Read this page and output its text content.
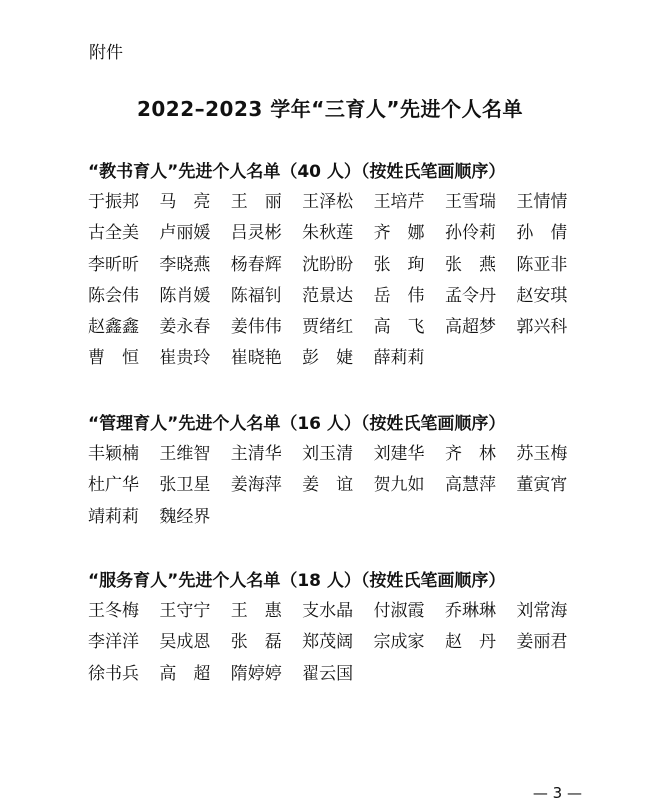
附件
2022–2023 学年“三育人”先进个人名单
“教书育人”先进个人名单（40 人）（按姓氏笔画顺序）
于振邦	马亮 王丽 王泽松	王培芹	王雪瑞	王情情
古全美	卢丽媛	吕灵彬	朱秋莲	齐娜 孙伶莉	孙倩
李昕昕	李晓燕	杨春辉	沈盼盼	张珣 张燕 陈亚非
陈会伟	陈肖媛	陈福钊	范景达	岳伟 孟令丹	赵安琪
赵鑫鑫	姜永春	姜伟伟	贾绪红	高飞 高超梦	郭兴科
曹恒 崔贵玲	崔晓艳	彭婕 薛莉莉
“管理育人”先进个人名单（16 人）（按姓氏笔画顺序）
丰颖楠	王维智	主清华	刘玉清	刘建华	齐林 苏玉梅
杜广华	张卫星	姜海萍	姜谊 贺九如	高慧萍	董寅宵
靖莉莉	魏经界
“服务育人”先进个人名单（18 人）（按姓氏笔画顺序）
王冬梅	王守宁	王惠 支水晶	付淑霞	乔琳琳	刘常海
李洋洋	吴成恩	张磊 郑茂阔	宗成家	赵丹 姜丽君
徐书兵	高超 隋婷婷	翟云国
— 3 —
